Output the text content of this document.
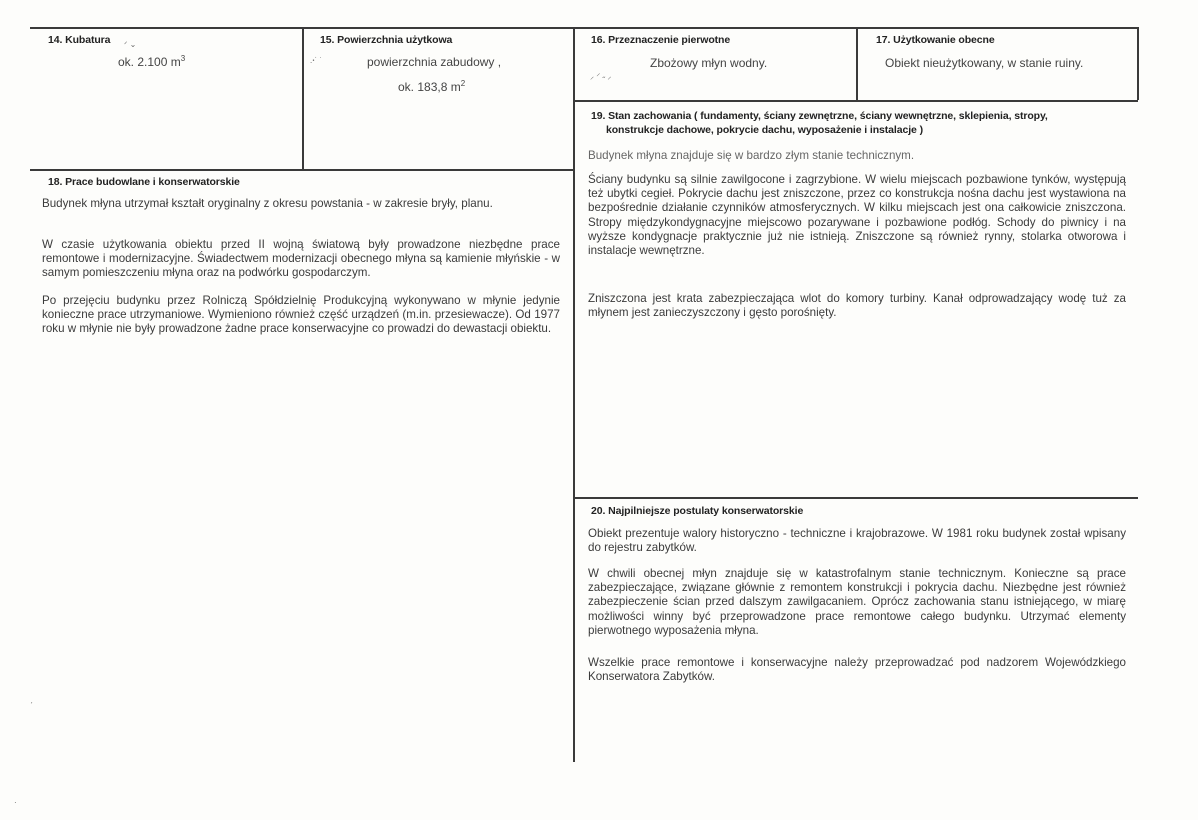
14. Kubatura
ok. 2.100 $m^3$
ᐟ ⌄	15. Powierzchnia użytkowa
powierzchnia zabudowy ,
ok. 183,8 $m^2$
.ꞏ˙ ˙
16. Przeznaczenie pierwotne
Zbożowy młyn wodny.
⸝ ⸍ ˶ ⸝
17. Użytkowanie obecne
Obiekt nieużytkowany, w stanie ruiny.
18. Prace budowlane i konserwatorskie

Budynek młyna utrzymał kształt oryginalny z okresu powstania - w zakresie bryły, planu.

W czasie użytkowania obiektu przed II wojną światową były prowadzone niezbędne prace remontowe i modernizacyjne. Świadectwem modernizacji obecnego młyna są kamienie młyńskie - w samym pomieszczeniu młyna oraz na podwórku gospodarczym.

Po przejęciu budynku przez Rolniczą Spółdzielnię Produkcyjną wykonywano w młynie jedynie konieczne prace utrzymaniowe. Wymieniono również część urządzeń (m.in. przesiewacze). Od 1977 roku w młynie nie były prowadzone żadne prace konserwacyjne co prowadzi do dewastacji obiektu.

19. Stan zachowania ( fundamenty, ściany zewnętrzne, ściany wewnętrzne, sklepienia, stropy,
konstrukcje dachowe, pokrycie dachu, wyposażenie i instalacje )

Budynek młyna znajduje się w bardzo złym stanie technicznym.

Ściany budynku są silnie zawilgocone i zagrzybione. W wielu miejscach pozbawione tynków, występują też ubytki cegieł. Pokrycie dachu jest zniszczone, przez co konstrukcja nośna dachu jest wystawiona na bezpośrednie działanie czynników atmosferycznych. W kilku miejscach jest ona całkowicie zniszczona. Stropy międzykondygnacyjne miejscowo pozarywane i pozbawione podłóg. Schody do piwnicy i na wyższe kondygnacje praktycznie już nie istnieją. Zniszczone są również rynny, stolarka otworowa i instalacje wewnętrzne.

Zniszczona jest krata zabezpieczająca wlot do komory turbiny. Kanał odprowadzający wodę tuż za młynem jest zanieczyszczony i gęsto porośnięty.

20. Najpilniejsze postulaty konserwatorskie

Obiekt prezentuje walory historyczno - techniczne i krajobrazowe. W 1981 roku budynek został wpisany do rejestru zabytków.

W chwili obecnej młyn znajduje się w katastrofalnym stanie technicznym. Konieczne są prace zabezpieczające, związane głównie z remontem konstrukcji i pokrycia dachu. Niezbędne jest również zabezpieczenie ścian przed dalszym zawilgacaniem. Oprócz zachowania stanu istniejącego, w miarę możliwości winny być przeprowadzone prace remontowe całego budynku. Utrzymać elementy pierwotnego wyposażenia młyna.

Wszelkie prace remontowe i konserwacyjne należy przeprowadzać pod nadzorem Wojewódzkiego Konserwatora Zabytków.

ˏ
·
